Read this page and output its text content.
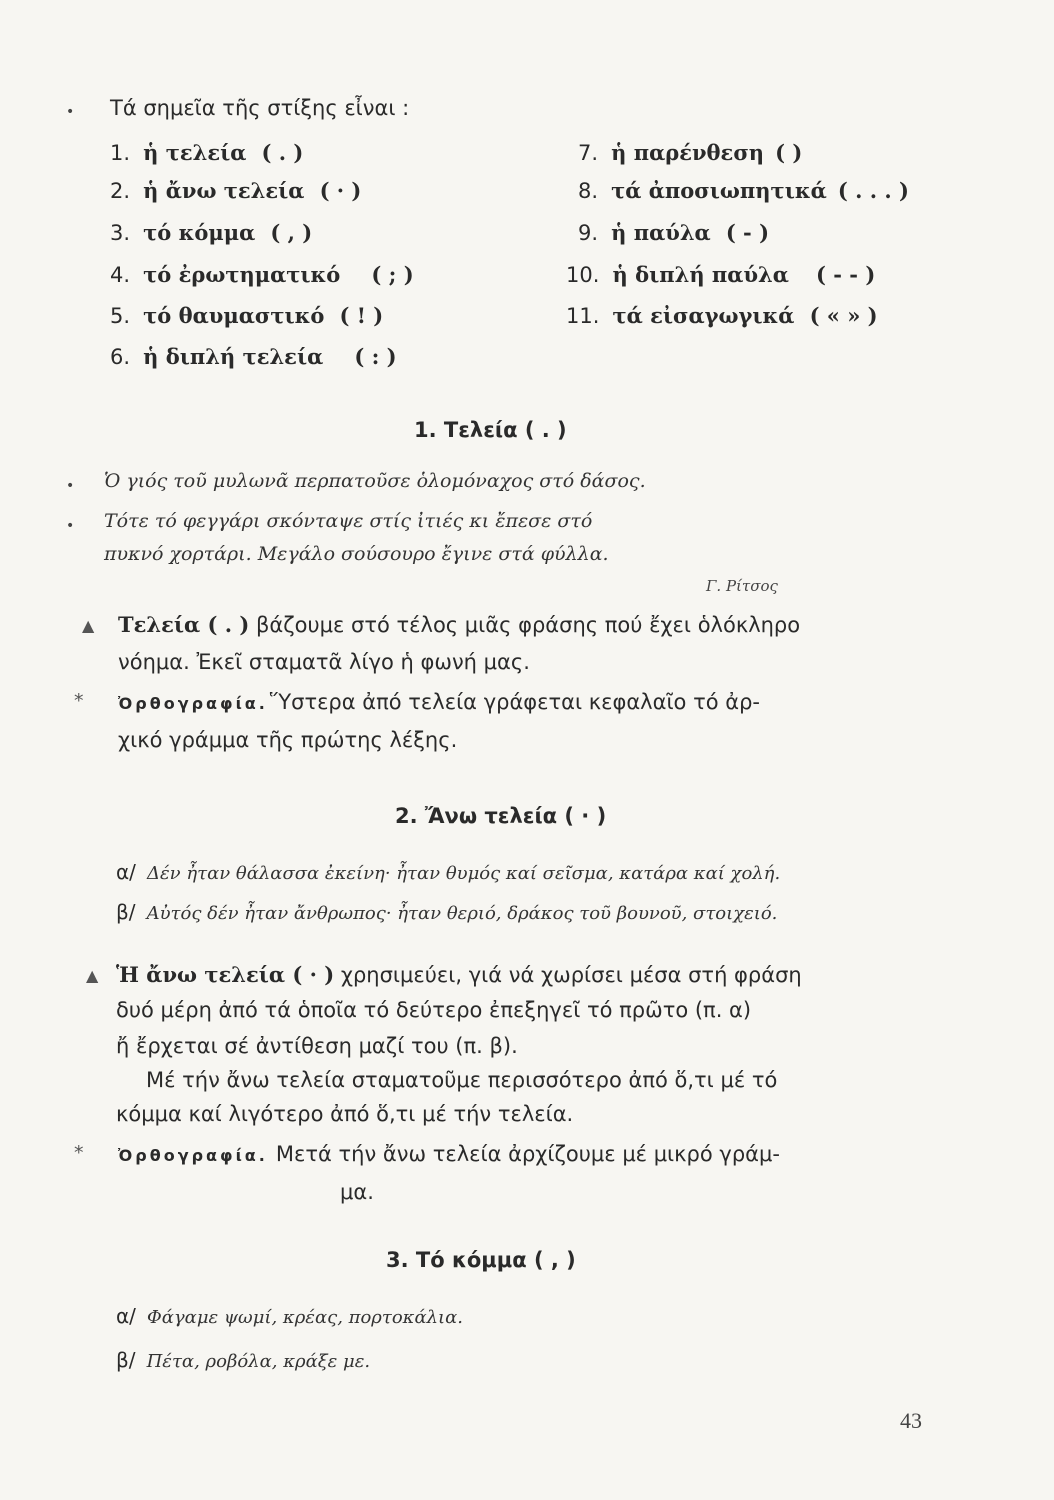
• Τά σημεῖα τῆς στίξης εἶναι :
1. ἡ τελεία ( . )
2. ἡ ἄνω τελεία ( · )
3. τό κόμμα ( , )
4. τό ἐρωτηματικό ( ; )
5. τό θαυμαστικό ( ! )
6. ἡ διπλή τελεία ( : )
7. ἡ παρένθεση ( )
8. τά ἀποσιωπητικά ( . . . )
9. ἡ παύλα ( - )
10. ἡ διπλή παύλα ( - - )
11. τά εἰσαγωγικά ( « » )
1. Τελεία ( . )
• Ὁ γιός τοῦ μυλωνᾶ περπατοῦσε ὁλομόναχος στό δάσος.
• Τότε τό φεγγάρι σκόνταψε στίς ἰτιές κι ἔπεσε στό
πυκνό χορτάρι. Μεγάλο σούσουρο ἔγινε στά φύλλα.
Γ. Ρίτσος
▲ Τελεία ( . ) βάζουμε στό τέλος μιᾶς φράσης πού ἔχει ὁλόκληρο
νόημα. Ἐκεῖ σταματᾶ λίγο ἡ φωνή μας.
* Ὀρθογραφία.Ὕστερα ἀπό τελεία γράφεται κεφαλαῖο τό ἀρ-
χικό γράμμα τῆς πρώτης λέξης.
2. Ἄνω τελεία ( · )
α/ Δέν ἦταν θάλασσα ἐκείνη· ἦταν θυμός καί σεῖσμα, κατάρα καί χολή.
β/ Αὐτός δέν ἦταν ἄνθρωπος· ἦταν θεριό, δράκος τοῦ βουνοῦ, στοιχειό.
▲ Ἡ ἄνω τελεία ( · ) χρησιμεύει, γιά νά χωρίσει μέσα στή φράση
δυό μέρη ἀπό τά ὁποῖα τό δεύτερο ἐπεξηγεῖ τό πρῶτο (π. α)
ἤ ἔρχεται σέ ἀντίθεση μαζί του (π. β).
Μέ τήν ἄνω τελεία σταματοῦμε περισσότερο ἀπό ὅ,τι μέ τό
κόμμα καί λιγότερο ἀπό ὅ,τι μέ τήν τελεία.
* Ὀρθογραφία. Μετά τήν ἄνω τελεία ἀρχίζουμε μέ μικρό γράμ-
μα.
3. Τό κόμμα ( , )
α/ Φάγαμε ψωμί, κρέας, πορτοκάλια.
β/ Πέτα, ροβόλα, κράξε με.
43
